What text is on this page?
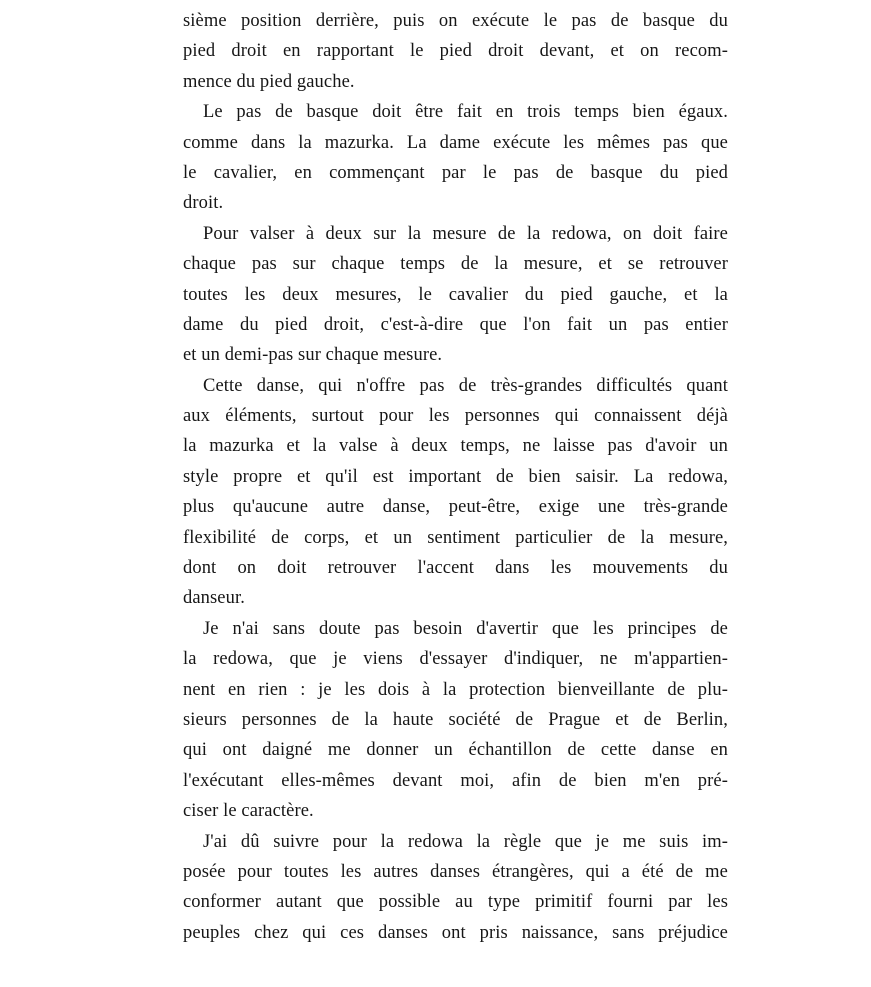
sième position derrière, puis on exécute le pas de basque du
pied droit en rapportant le pied droit devant, et on recom-
mence du pied gauche.
Le pas de basque doit être fait en trois temps bien égaux.
comme dans la mazurka. La dame exécute les mêmes pas que
le cavalier, en commençant par le pas de basque du pied
droit.
Pour valser à deux sur la mesure de la redowa, on doit faire
chaque pas sur chaque temps de la mesure, et se retrouver
toutes les deux mesures, le cavalier du pied gauche, et la
dame du pied droit, c'est-à-dire que l'on fait un pas entier
et un demi-pas sur chaque mesure.
Cette danse, qui n'offre pas de très-grandes difficultés quant
aux éléments, surtout pour les personnes qui connaissent déjà
la mazurka et la valse à deux temps, ne laisse pas d'avoir un
style propre et qu'il est important de bien saisir. La redowa,
plus qu'aucune autre danse, peut-être, exige une très-grande
flexibilité de corps, et un sentiment particulier de la mesure,
dont on doit retrouver l'accent dans les mouvements du
danseur.
Je n'ai sans doute pas besoin d'avertir que les principes de
la redowa, que je viens d'essayer d'indiquer, ne m'appartien-
nent en rien : je les dois à la protection bienveillante de plu-
sieurs personnes de la haute société de Prague et de Berlin,
qui ont daigné me donner un échantillon de cette danse en
l'exécutant elles-mêmes devant moi, afin de bien m'en pré-
ciser le caractère.
J'ai dû suivre pour la redowa la règle que je me suis im-
posée pour toutes les autres danses étrangères, qui a été de me
conformer autant que possible au type primitif fourni par les
peuples chez qui ces danses ont pris naissance, sans préjudice
